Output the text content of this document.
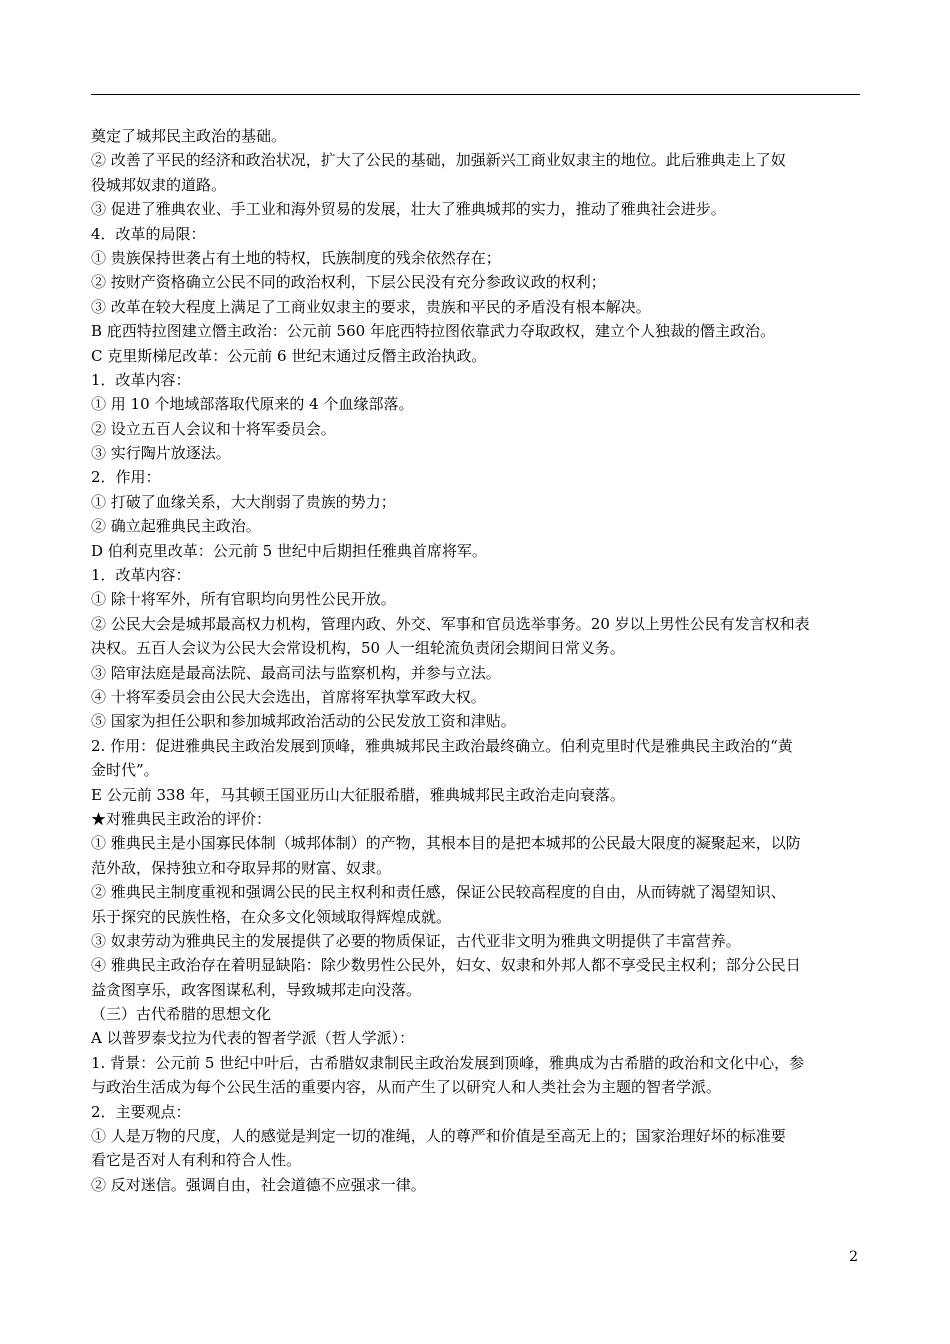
奠定了城邦民主政治的基础。
② 改善了平民的经济和政治状况，扩大了公民的基础，加强新兴工商业奴隶主的地位。此后雅典走上了奴
役城邦奴隶的道路。
③ 促进了雅典农业、手工业和海外贸易的发展，壮大了雅典城邦的实力，推动了雅典社会进步。
4．改革的局限：
① 贵族保持世袭占有土地的特权，氏族制度的残余依然存在；
② 按财产资格确立公民不同的政治权利，下层公民没有充分参政议政的权利；
③ 改革在较大程度上满足了工商业奴隶主的要求，贵族和平民的矛盾没有根本解决。
B 庇西特拉图建立僭主政治：公元前 560 年庇西特拉图依靠武力夺取政权，建立个人独裁的僭主政治。
C 克里斯梯尼改革：公元前 6 世纪末通过反僭主政治执政。
1．改革内容：
① 用 10 个地域部落取代原来的 4 个血缘部落。
② 设立五百人会议和十将军委员会。
③ 实行陶片放逐法。
2．作用：
① 打破了血缘关系，大大削弱了贵族的势力；
② 确立起雅典民主政治。
D 伯利克里改革：公元前 5 世纪中后期担任雅典首席将军。
1．改革内容：
① 除十将军外，所有官职均向男性公民开放。
② 公民大会是城邦最高权力机构，管理内政、外交、军事和官员选举事务。20 岁以上男性公民有发言权和表
决权。五百人会议为公民大会常设机构，50 人一组轮流负责闭会期间日常义务。
③ 陪审法庭是最高法院、最高司法与监察机构，并参与立法。
④ 十将军委员会由公民大会选出，首席将军执掌军政大权。
⑤ 国家为担任公职和参加城邦政治活动的公民发放工资和津贴。
2. 作用：促进雅典民主政治发展到顶峰，雅典城邦民主政治最终确立。伯利克里时代是雅典民主政治的“黄
金时代”。
E 公元前 338 年，马其顿王国亚历山大征服希腊，雅典城邦民主政治走向衰落。
★对雅典民主政治的评价：
① 雅典民主是小国寡民体制（城邦体制）的产物，其根本目的是把本城邦的公民最大限度的凝聚起来，以防
范外敌，保持独立和夺取异邦的财富、奴隶。
② 雅典民主制度重视和强调公民的民主权利和责任感，保证公民较高程度的自由，从而铸就了渴望知识、
乐于探究的民族性格，在众多文化领域取得辉煌成就。
③ 奴隶劳动为雅典民主的发展提供了必要的物质保证，古代亚非文明为雅典文明提供了丰富营养。
④ 雅典民主政治存在着明显缺陷：除少数男性公民外，妇女、奴隶和外邦人都不享受民主权利；部分公民日
益贪图享乐，政客图谋私利，导致城邦走向没落。
（三）古代希腊的思想文化
A 以普罗泰戈拉为代表的智者学派（哲人学派）：
1. 背景：公元前 5 世纪中叶后，古希腊奴隶制民主政治发展到顶峰，雅典成为古希腊的政治和文化中心，参
与政治生活成为每个公民生活的重要内容，从而产生了以研究人和人类社会为主题的智者学派。
2．主要观点：
① 人是万物的尺度，人的感觉是判定一切的准绳，人的尊严和价值是至高无上的；国家治理好坏的标准要
看它是否对人有利和符合人性。
② 反对迷信。强调自由，社会道德不应强求一律。
2
